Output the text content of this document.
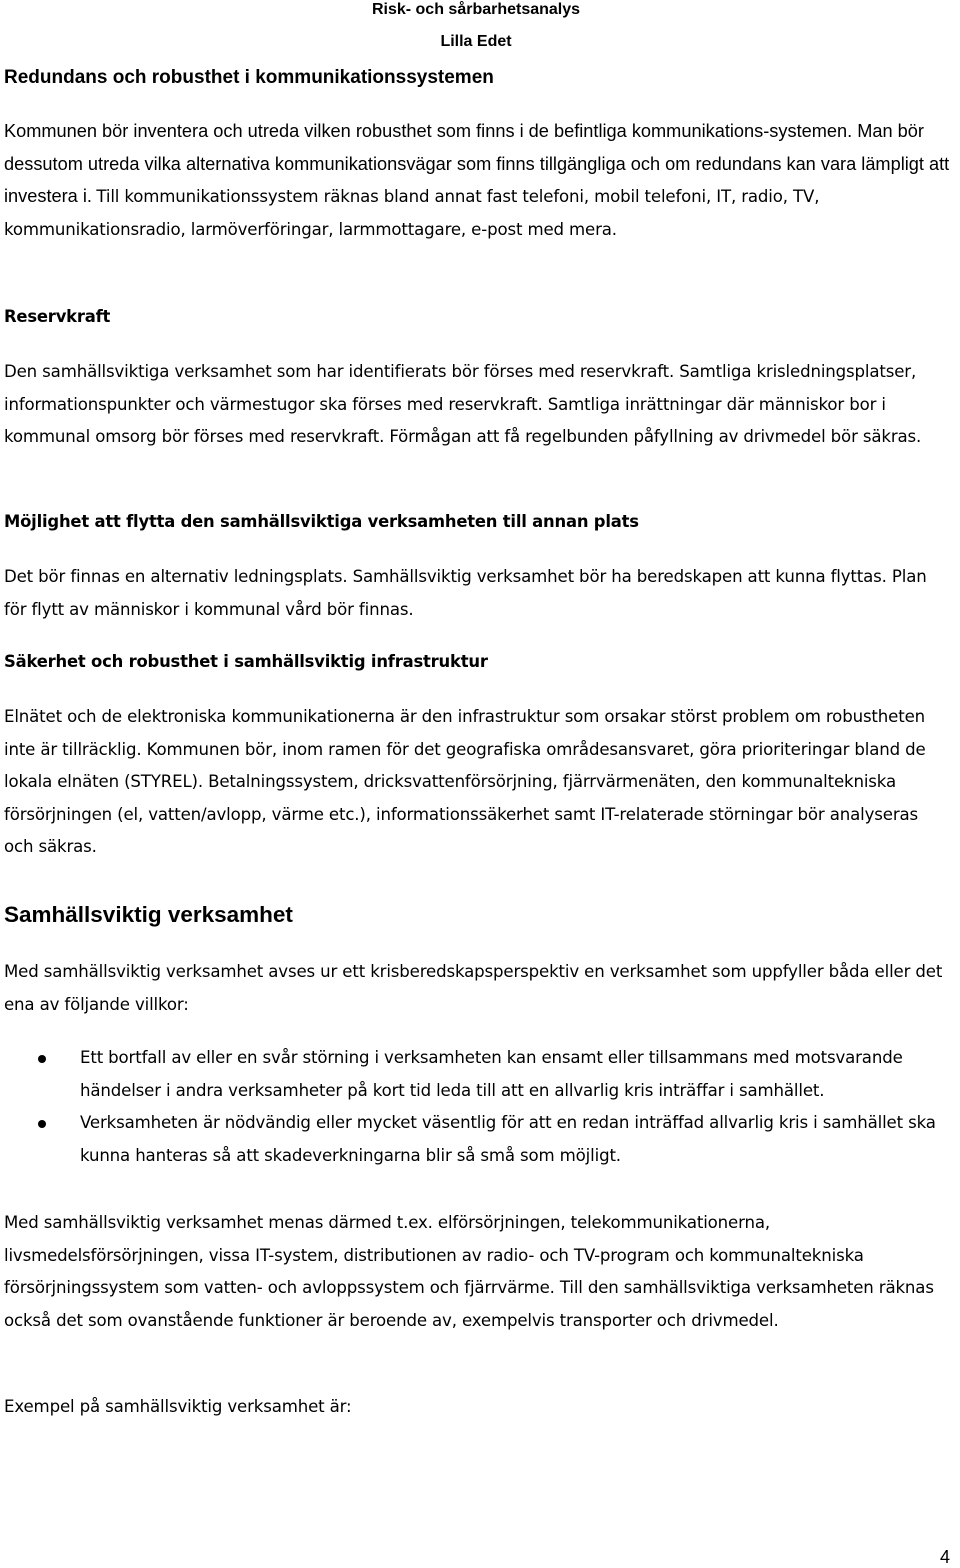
Risk- och sårbarhetsanalys
Lilla Edet
Redundans och robusthet i kommunikationssystemen

Kommunen bör inventera och utreda vilken robusthet som finns i de befintliga kommunikations-systemen. Man bör dessutom utreda vilka alternativa kommunikationsvägar som finns tillgängliga och om redundans kan vara lämpligt att investera i. Till kommunikationssystem räknas bland annat fast telefoni, mobil telefoni, IT, radio, TV, kommunikationsradio, larmöverföringar, larmmottagare, e-post med mera.

Reservkraft

Den samhällsviktiga verksamhet som har identifierats bör förses med reservkraft. Samtliga krisledningsplatser, informationspunkter och värmestugor ska förses med reservkraft. Samtliga inrättningar där människor bor i kommunal omsorg bör förses med reservkraft. Förmågan att få regelbunden påfyllning av drivmedel bör säkras.

Möjlighet att flytta den samhällsviktiga verksamheten till annan plats

Det bör finnas en alternativ ledningsplats. Samhällsviktig verksamhet bör ha beredskapen att kunna flyttas. Plan för flytt av människor i kommunal vård bör finnas.

Säkerhet och robusthet i samhällsviktig infrastruktur

Elnätet och de elektroniska kommunikationerna är den infrastruktur som orsakar störst problem om robustheten inte är tillräcklig. Kommunen bör, inom ramen för det geografiska områdesansvaret, göra prioriteringar bland de lokala elnäten (STYREL). Betalningssystem, dricksvattenförsörjning, fjärrvärmenäten, den kommunaltekniska försörjningen (el, vatten/avlopp, värme etc.), informationssäkerhet samt IT-relaterade störningar bör analyseras och säkras.

Samhällsviktig verksamhet

Med samhällsviktig verksamhet avses ur ett krisberedskapsperspektiv en verksamhet som uppfyller båda eller det ena av följande villkor:

Ett bortfall av eller en svår störning i verksamheten kan ensamt eller tillsammans med motsvarande händelser i andra verksamheter på kort tid leda till att en allvarlig kris inträffar i samhället.
Verksamheten är nödvändig eller mycket väsentlig för att en redan inträffad allvarlig kris i samhället ska kunna hanteras så att skadeverkningarna blir så små som möjligt.

Med samhällsviktig verksamhet menas därmed t.ex. elförsörjningen, telekommunikationerna, livsmedelsförsörjningen, vissa IT-system, distributionen av radio- och TV-program och kommunaltekniska försörjningssystem som vatten- och avloppssystem och fjärrvärme. Till den samhällsviktiga verksamheten räknas också det som ovanstående funktioner är beroende av, exempelvis transporter och drivmedel.

Exempel på samhällsviktig verksamhet är:

4
